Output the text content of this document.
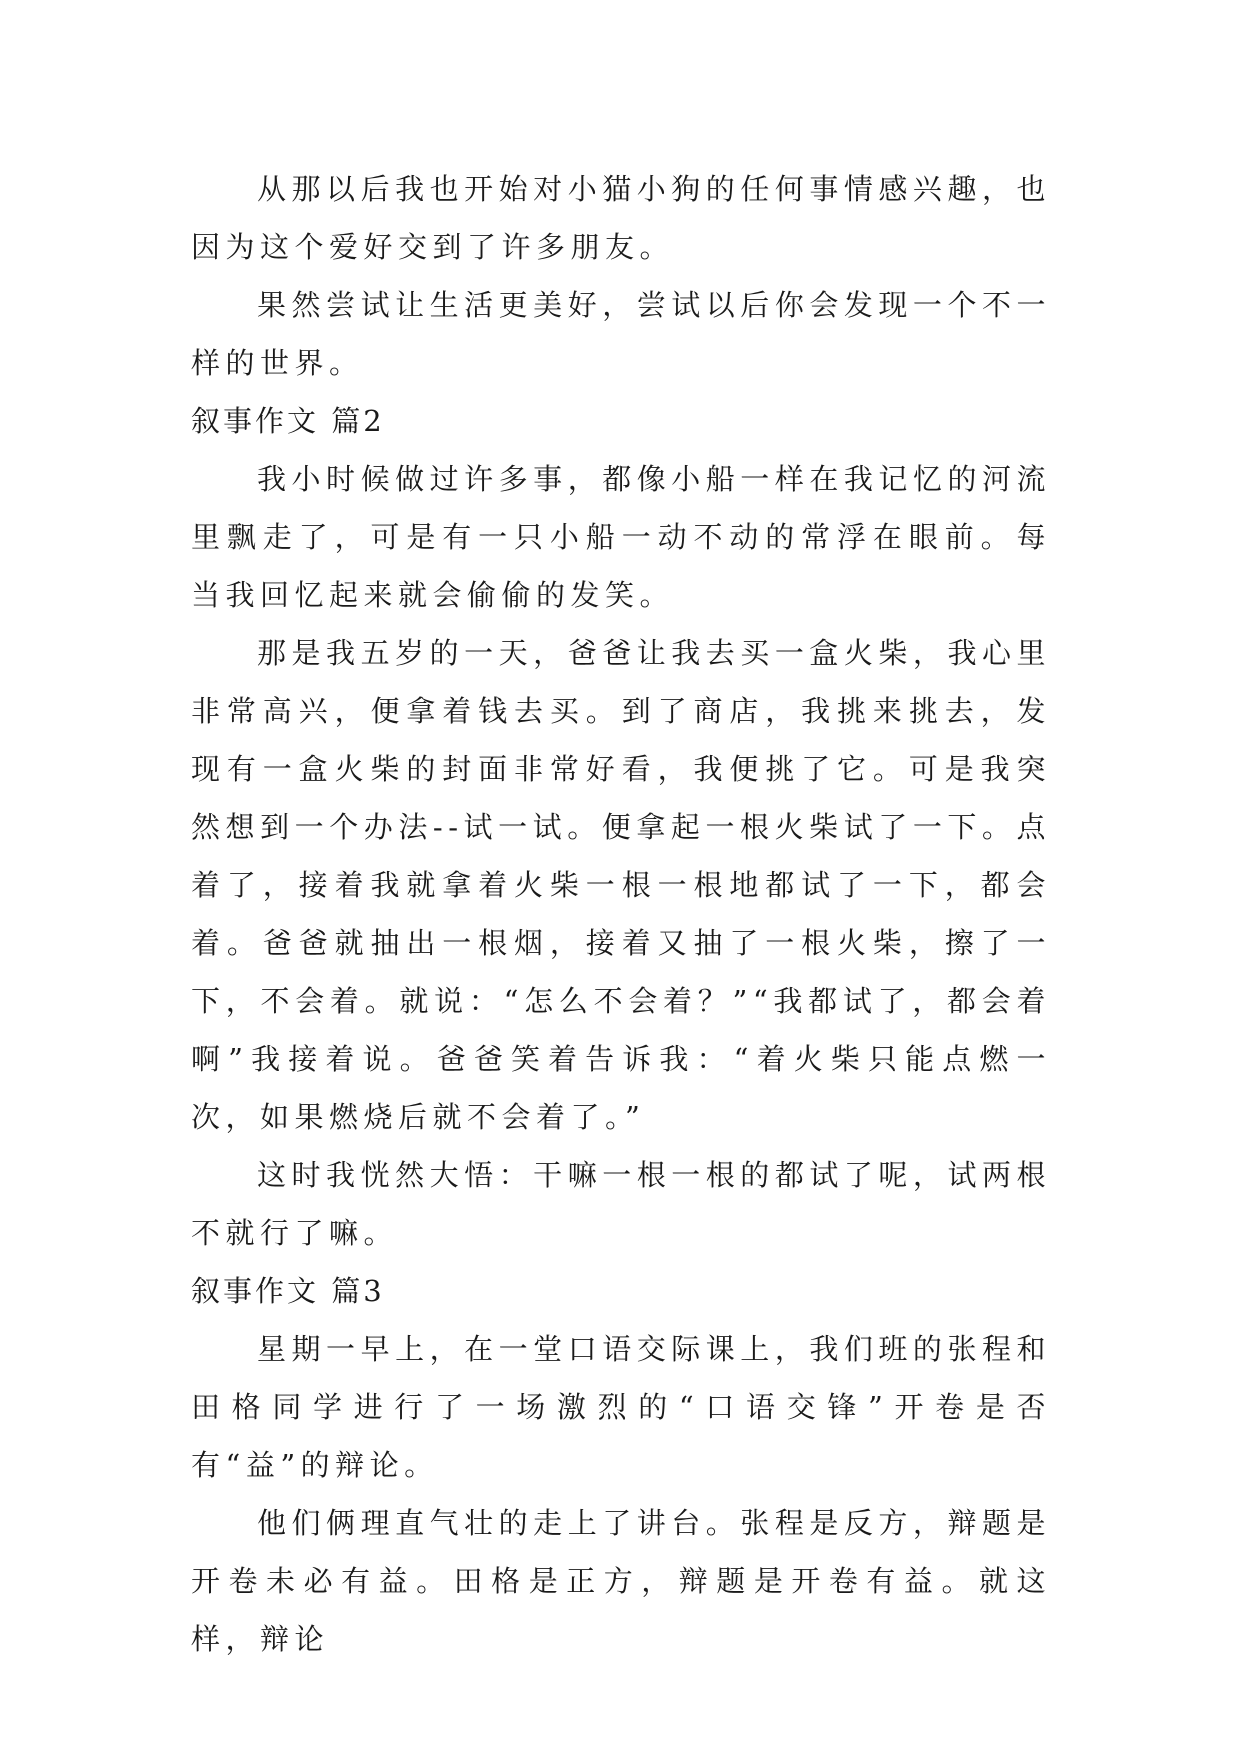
从那以后我也开始对小猫小狗的任何事情感兴趣，也因为这个爱好交到了许多朋友。

果然尝试让生活更美好，尝试以后你会发现一个不一样的世界。

叙事作文 篇2

我小时候做过许多事，都像小船一样在我记忆的河流里飘走了，可是有一只小船一动不动的常浮在眼前。每当我回忆起来就会偷偷的发笑。

那是我五岁的一天，爸爸让我去买一盒火柴，我心里非常高兴，便拿着钱去买。到了商店，我挑来挑去，发现有一盒火柴的封面非常好看，我便挑了它。可是我突然想到一个办法--试一试。便拿起一根火柴试了一下。点着了，接着我就拿着火柴一根一根地都试了一下，都会着。爸爸就抽出一根烟，接着又抽了一根火柴，擦了一下，不会着。就说：“怎么不会着？”“我都试了，都会着啊”我接着说。爸爸笑着告诉我：“着火柴只能点燃一次，如果燃烧后就不会着了。”

这时我恍然大悟：干嘛一根一根的都试了呢，试两根不就行了嘛。

叙事作文 篇3

星期一早上，在一堂口语交际课上，我们班的张程和田格同学进行了一场激烈的“口语交锋”开卷是否有“益”的辩论。

他们俩理直气壮的走上了讲台。张程是反方，辩题是开卷未必有益。田格是正方，辩题是开卷有益。就这样，辩论
